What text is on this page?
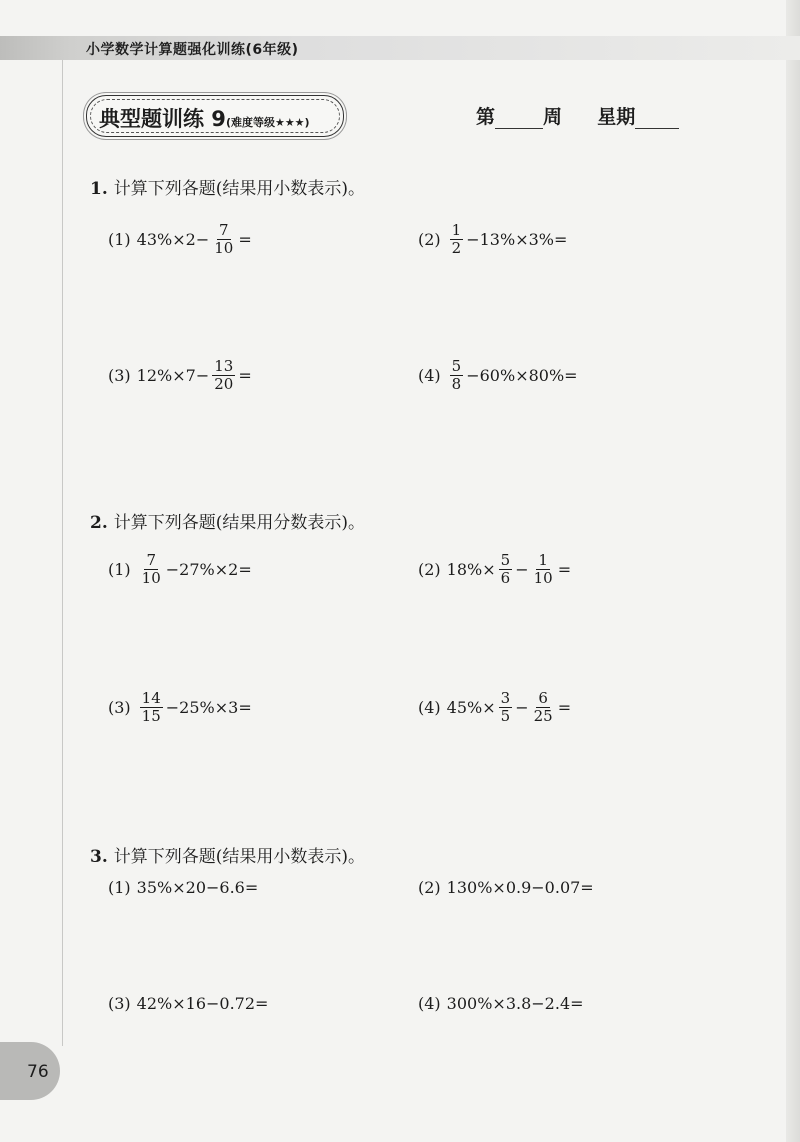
小学数学计算题强化训练(6年级)
典型题训练 9(难度等级★★★)	第	周 星期
1. 计算下列各题(结果用小数表示)。
(1) $43\%\times 2- \frac{7}{10}$ =	$(2) \frac{1}{2} -13\%\times 3\%=$
(3) $12\%\times 7- \frac{13}{20}$ =	$(4) \frac{5}{8} -60\%\times 80\%=$
2. 计算下列各题(结果用分数表示)。
$(1) \frac{7}{10} -27\%\times 2=$	(2) $18\%\times \frac{5}{6} - \frac{1}{10}$ =
$(3) \frac{14}{15} -25\%\times 3=$	(4) $45\%\times \frac{3}{5} - \frac{6}{25}$ =
3. 计算下列各题(结果用小数表示)。
(1) 35%×20−6.6=	(2) 130%×0.9−0.07=
(3) 42%×16−0.72=	(4) 300%×3.8−2.4=
76
